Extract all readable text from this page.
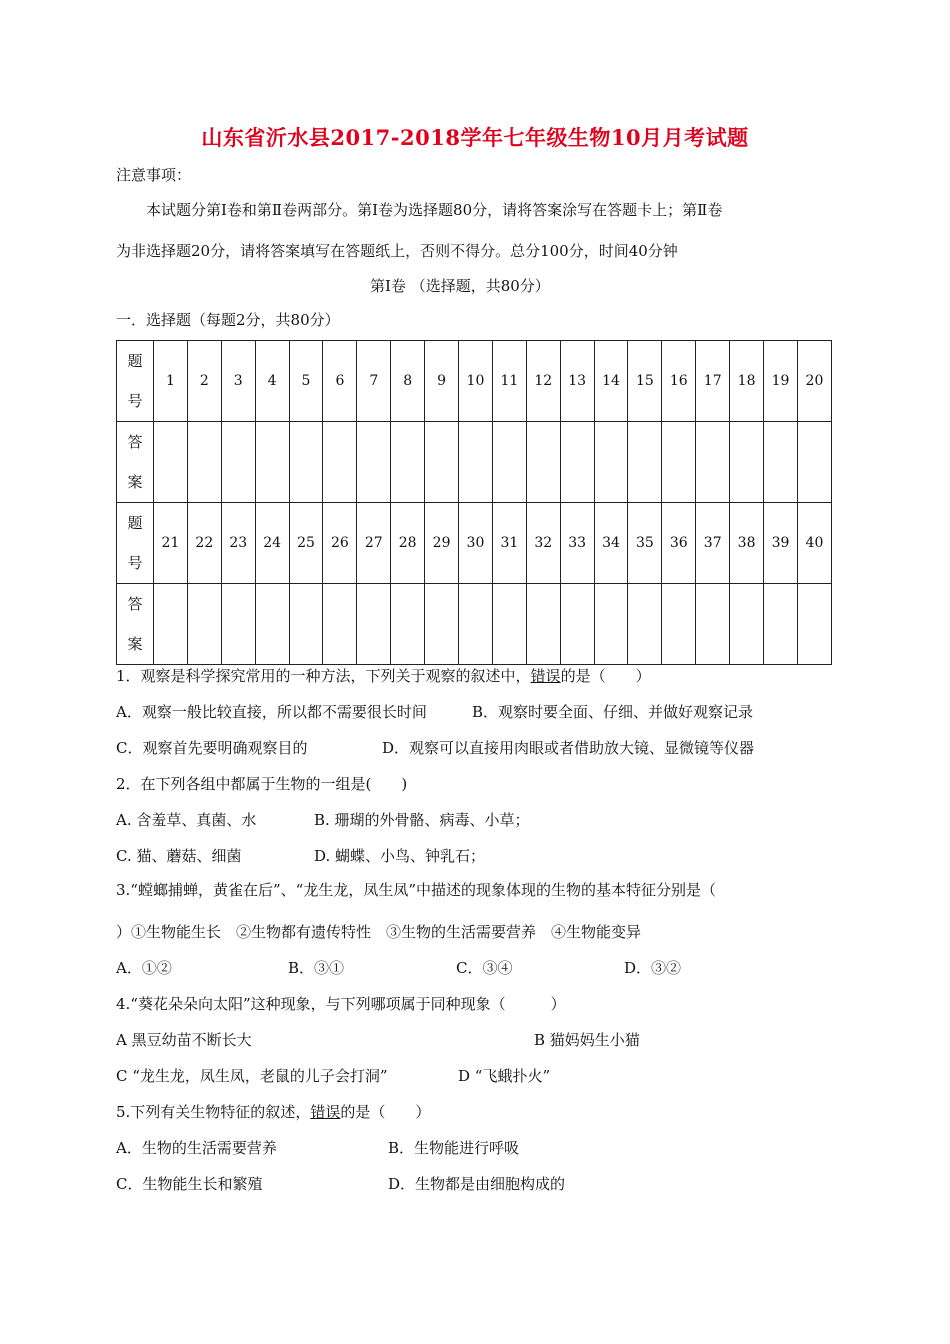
山东省沂水县2017-2018学年七年级生物10月月考试题
注意事项：
本试题分第Ⅰ卷和第Ⅱ卷两部分。第Ⅰ卷为选择题80分，请将答案涂写在答题卡上；第Ⅱ卷
为非选择题20分，请将答案填写在答题纸上，否则不得分。总分100分，时间40分钟
第Ⅰ卷 （选择题，共80分）
一．选择题（每题2分，共80分）
题
号	1	2	3	4	5	6	7	8	9	10	11	12	13	14	15	16	17	18	19	20

答
案																				

题
号	21	22	23	24	25	26	27	28	29	30	31	32	33	34	35	36	37	38	39	40

答
案																				

1．观察是科学探究常用的一种方法，下列关于观察的叙述中，错误的是（　　）
A．观察一般比较直接，所以都不需要很长时间	B．观察时要全面、仔细、并做好观察记录
C．观察首先要明确观察目的	D．观察可以直接用肉眼或者借助放大镜、显微镜等仪器
2．在下列各组中都属于生物的一组是(　　)
A. 含羞草、真菌、水	B. 珊瑚的外骨骼、病毒、小草；
C. 猫、蘑菇、细菌	D. 蝴蝶、小鸟、钟乳石；
3.“螳螂捕蝉，黄雀在后”、“龙生龙，凤生凤”中描述的现象体现的生物的基本特征分别是（
）①生物能生长　②生物都有遗传特性　③生物的生活需要营养　④生物能变异
A．①②	B．③①	C．③④	D．③②
4.“葵花朵朵向太阳”这种现象，与下列哪项属于同种现象（　　　）
A 黑豆幼苗不断长大	B 猫妈妈生小猫
C “龙生龙，凤生凤，老鼠的儿子会打洞”	D “飞蛾扑火”
5.下列有关生物特征的叙述，错误的是（　　）
A．生物的生活需要营养	B．生物能进行呼吸
C．生物能生长和繁殖	D．生物都是由细胞构成的
